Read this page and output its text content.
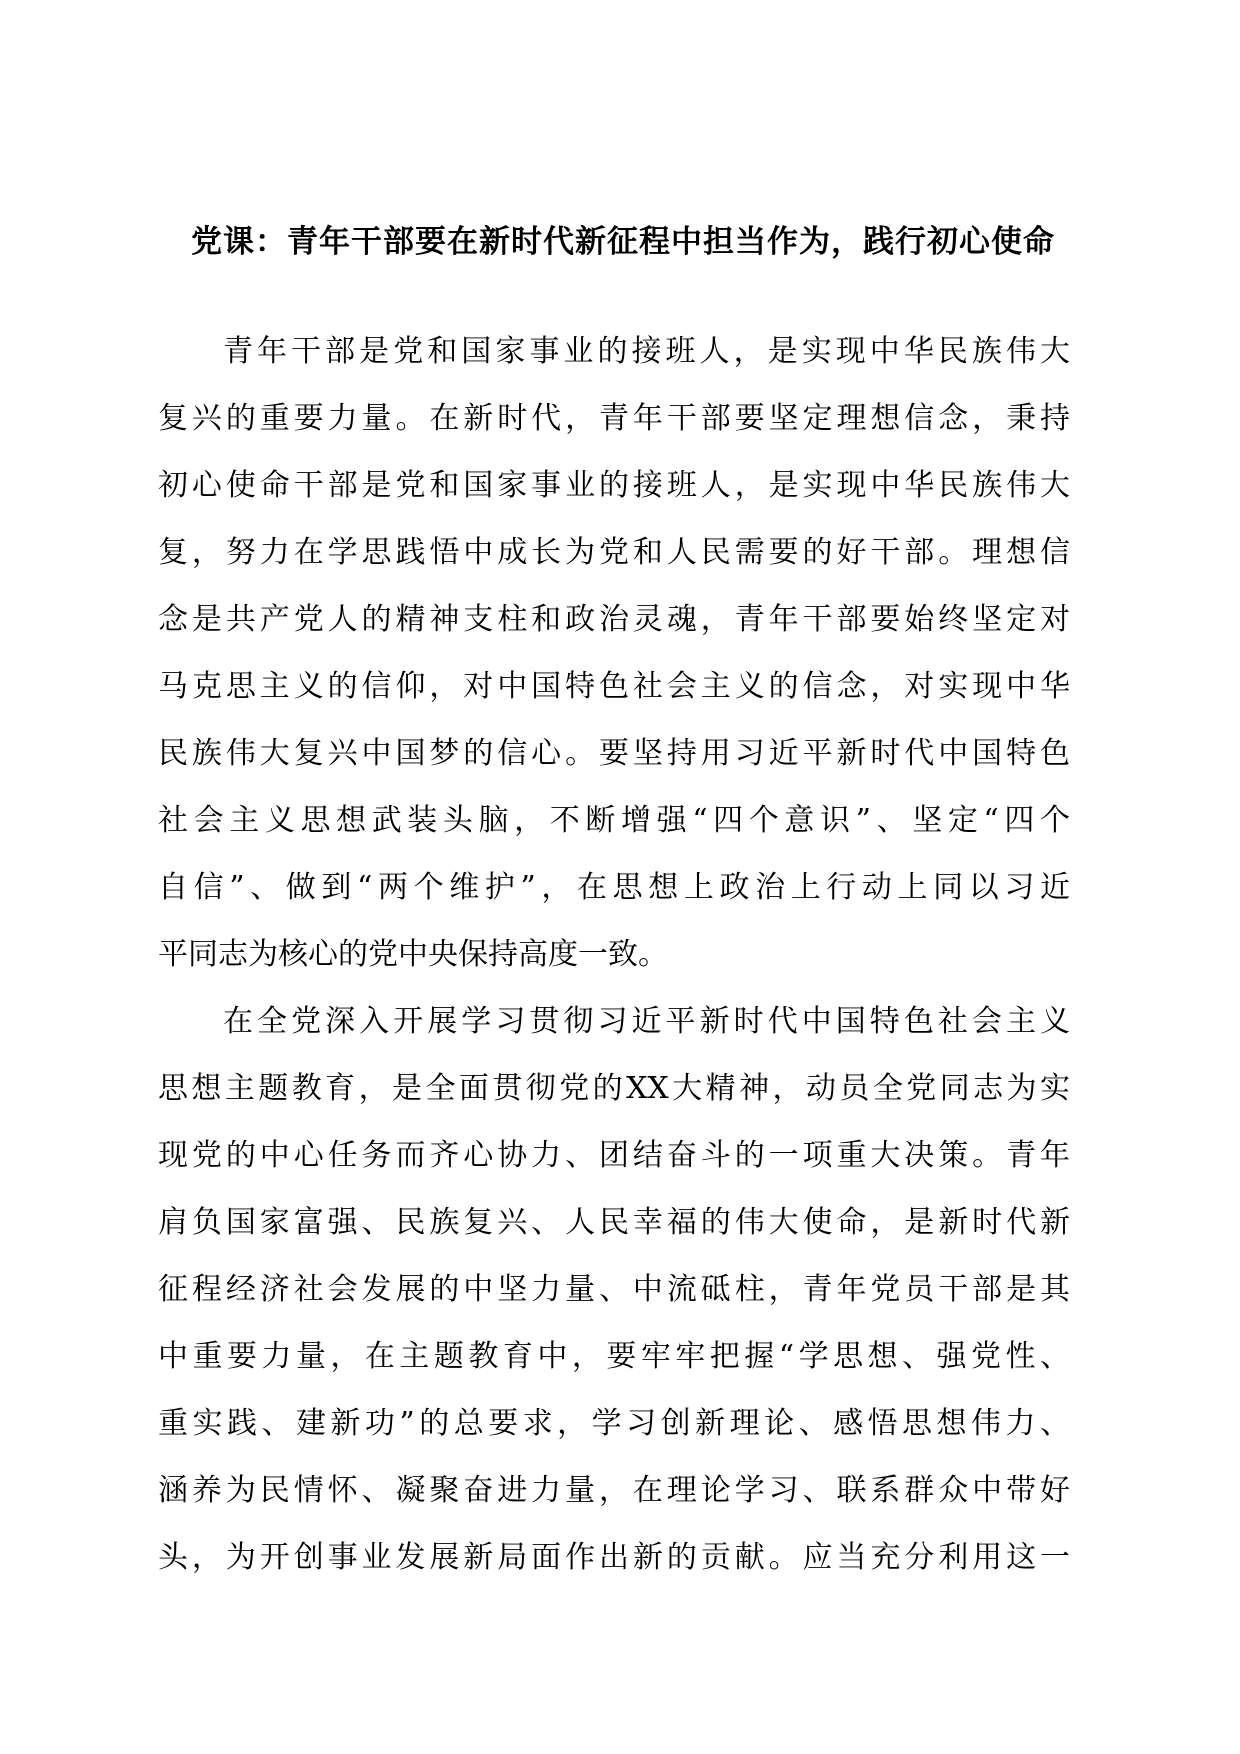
党课：青年干部要在新时代新征程中担当作为，践行初心使命
青年干部是党和国家事业的接班人，是实现中华民族伟大
复兴的重要力量。在新时代，青年干部要坚定理想信念，秉持
初心使命干部是党和国家事业的接班人，是实现中华民族伟大
复，努力在学思践悟中成长为党和人民需要的好干部。理想信
念是共产党人的精神支柱和政治灵魂，青年干部要始终坚定对
马克思主义的信仰，对中国特色社会主义的信念，对实现中华
民族伟大复兴中国梦的信心。要坚持用习近平新时代中国特色
社会主义思想武装头脑，不断增强“四个意识”、坚定“四个
自信”、做到“两个维护”，在思想上政治上行动上同以习近
平同志为核心的党中央保持高度一致。
在全党深入开展学习贯彻习近平新时代中国特色社会主义
思想主题教育，是全面贯彻党的XX大精神，动员全党同志为实
现党的中心任务而齐心协力、团结奋斗的一项重大决策。青年
肩负国家富强、民族复兴、人民幸福的伟大使命，是新时代新
征程经济社会发展的中坚力量、中流砥柱，青年党员干部是其
中重要力量，在主题教育中，要牢牢把握“学思想、强党性、
重实践、建新功”的总要求，学习创新理论、感悟思想伟力、
涵养为民情怀、凝聚奋进力量，在理论学习、联系群众中带好
头，为开创事业发展新局面作出新的贡献。应当充分利用这一
